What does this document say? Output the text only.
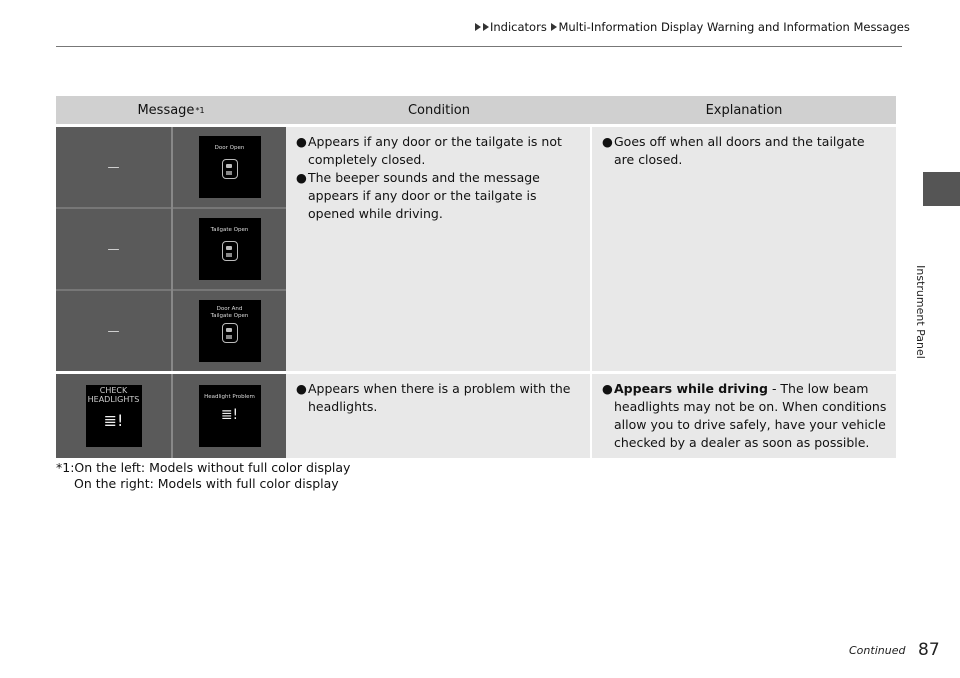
Indicators Multi-Information Display Warning and Information Messages
Instrument Panel
Message *1	Condition	Explanation
—
—
—
Door Open
Tailgate Open
Door And Tailgate Open
● Appears if any door or the tailgate is not completely closed.
● The beeper sounds and the message appears if any door or the tailgate is opened while driving.
● Goes off when all doors and the tailgate are closed.
CHECK HEADLIGHTS
≣!
Headlight Problem
≣!
● Appears when there is a problem with the headlights.
● Appears while driving - The low beam headlights may not be on. When conditions allow you to drive safely, have your vehicle checked by a dealer as soon as possible.
*1:On the left: Models without full color display
On the right: Models with full color display
Continued 87
